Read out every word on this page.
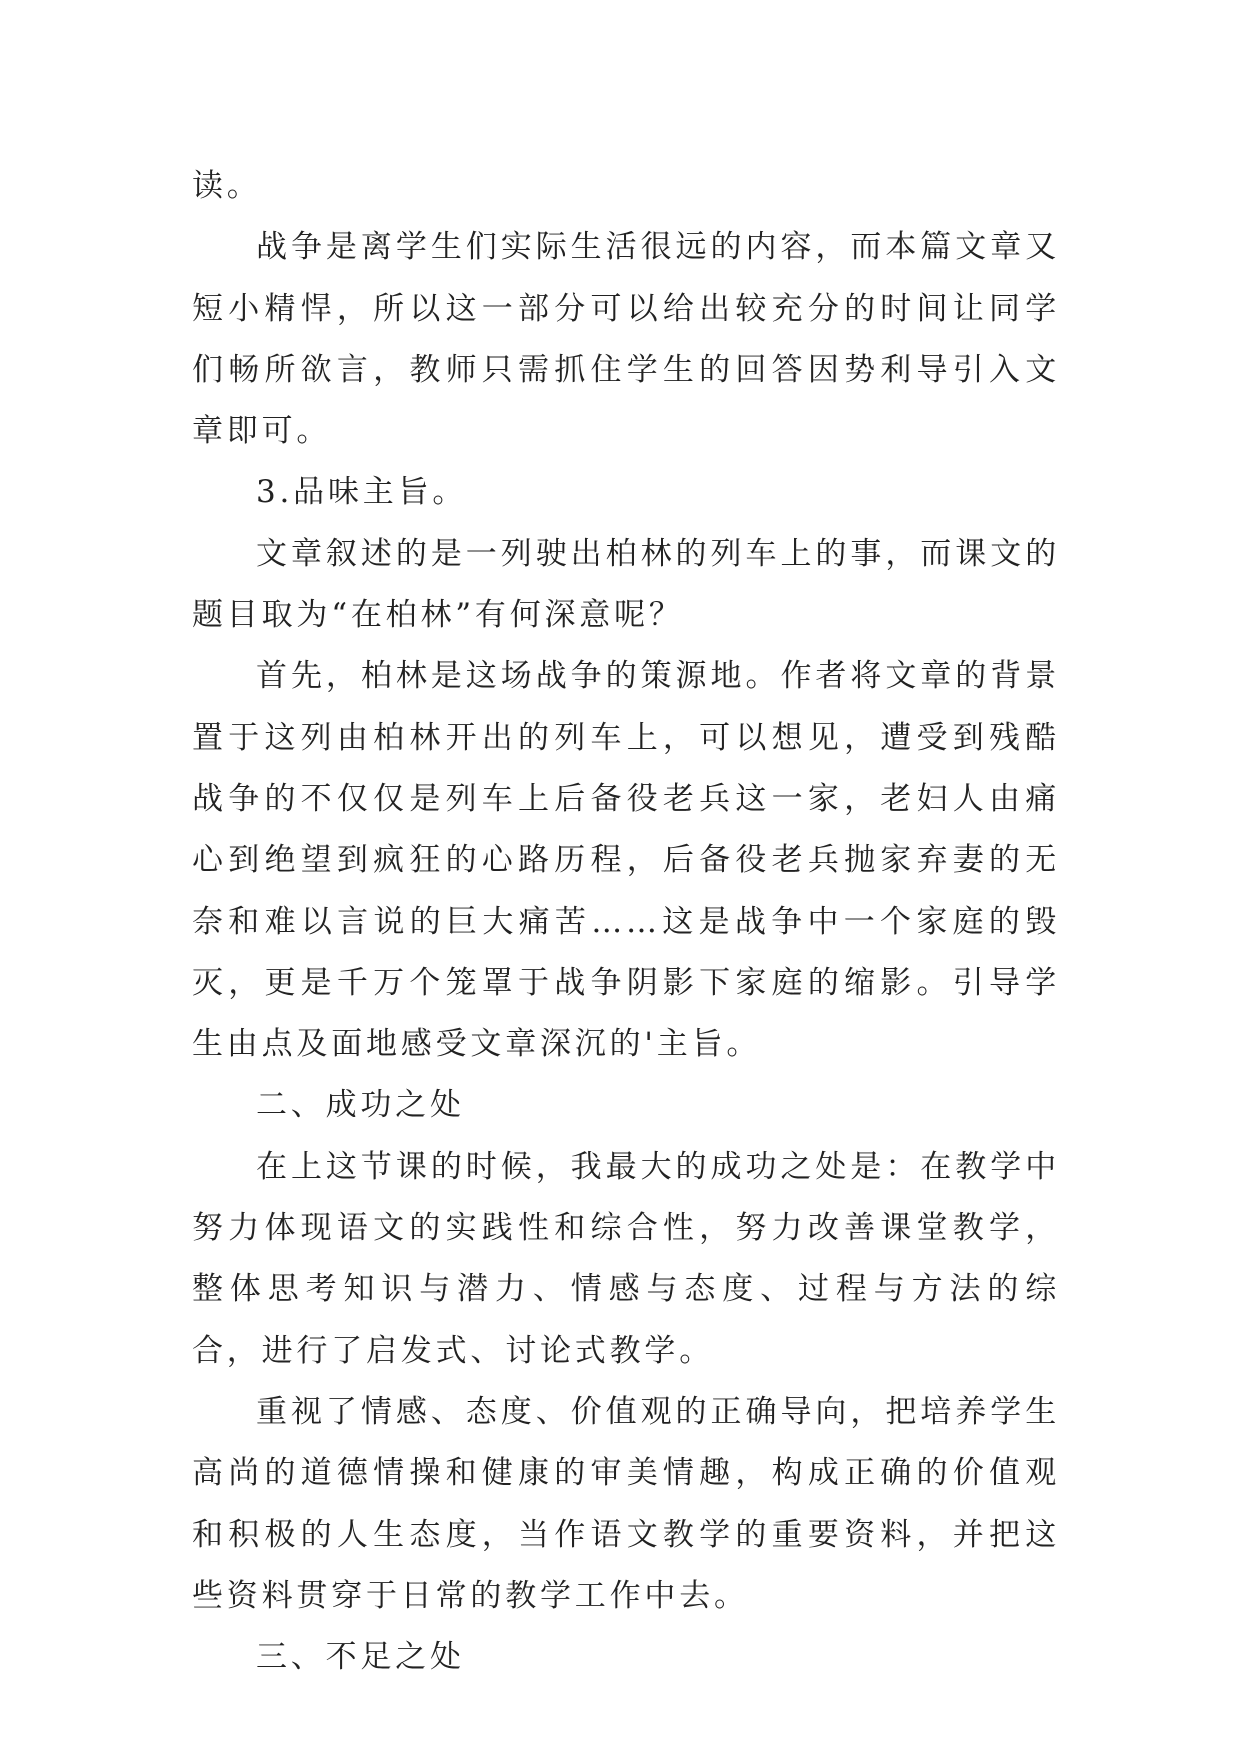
读。

战争是离学生们实际生活很远的内容，而本篇文章又短小精悍，所以这一部分可以给出较充分的时间让同学们畅所欲言，教师只需抓住学生的回答因势利导引入文章即可。

3.品味主旨。

文章叙述的是一列驶出柏林的列车上的事，而课文的题目取为“在柏林”有何深意呢？

首先，柏林是这场战争的策源地。作者将文章的背景置于这列由柏林开出的列车上，可以想见，遭受到残酷战争的不仅仅是列车上后备役老兵这一家，老妇人由痛心到绝望到疯狂的心路历程，后备役老兵抛家弃妻的无奈和难以言说的巨大痛苦……这是战争中一个家庭的毁灭，更是千万个笼罩于战争阴影下家庭的缩影。引导学生由点及面地感受文章深沉的'主旨。

二、成功之处

在上这节课的时候，我最大的成功之处是：在教学中努力体现语文的实践性和综合性，努力改善课堂教学，整体思考知识与潜力、情感与态度、过程与方法的综合，进行了启发式、讨论式教学。

重视了情感、态度、价值观的正确导向，把培养学生高尚的道德情操和健康的审美情趣，构成正确的价值观和积极的人生态度，当作语文教学的重要资料，并把这些资料贯穿于日常的教学工作中去。

三、不足之处
